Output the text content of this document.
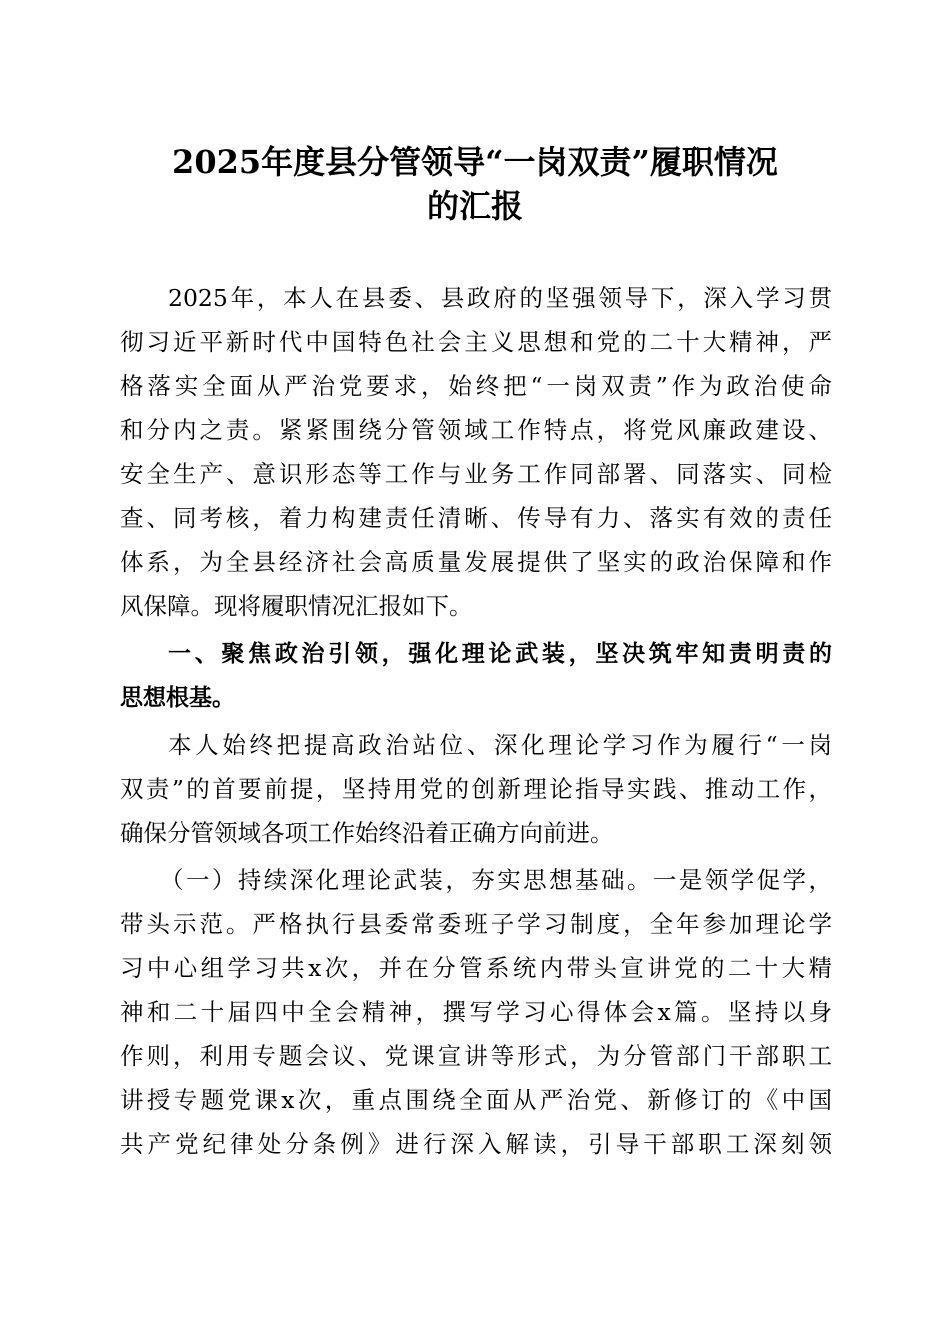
2025年度县分管领导“一岗双责”履职情况
的汇报
2025年，本人在县委、县政府的坚强领导下，深入学习贯
彻习近平新时代中国特色社会主义思想和党的二十大精神，严
格落实全面从严治党要求，始终把“一岗双责”作为政治使命
和分内之责。紧紧围绕分管领域工作特点，将党风廉政建设、
安全生产、意识形态等工作与业务工作同部署、同落实、同检
查、同考核，着力构建责任清晰、传导有力、落实有效的责任
体系，为全县经济社会高质量发展提供了坚实的政治保障和作
风保障。现将履职情况汇报如下。
一、聚焦政治引领，强化理论武装，坚决筑牢知责明责的
思想根基。
本人始终把提高政治站位、深化理论学习作为履行“一岗
双责”的首要前提，坚持用党的创新理论指导实践、推动工作，
确保分管领域各项工作始终沿着正确方向前进。
（一）持续深化理论武装，夯实思想基础。一是领学促学，
带头示范。严格执行县委常委班子学习制度，全年参加理论学
习中心组学习共x次，并在分管系统内带头宣讲党的二十大精
神和二十届四中全会精神，撰写学习心得体会x篇。坚持以身
作则，利用专题会议、党课宣讲等形式，为分管部门干部职工
讲授专题党课x次，重点围绕全面从严治党、新修订的《中国
共产党纪律处分条例》进行深入解读，引导干部职工深刻领
